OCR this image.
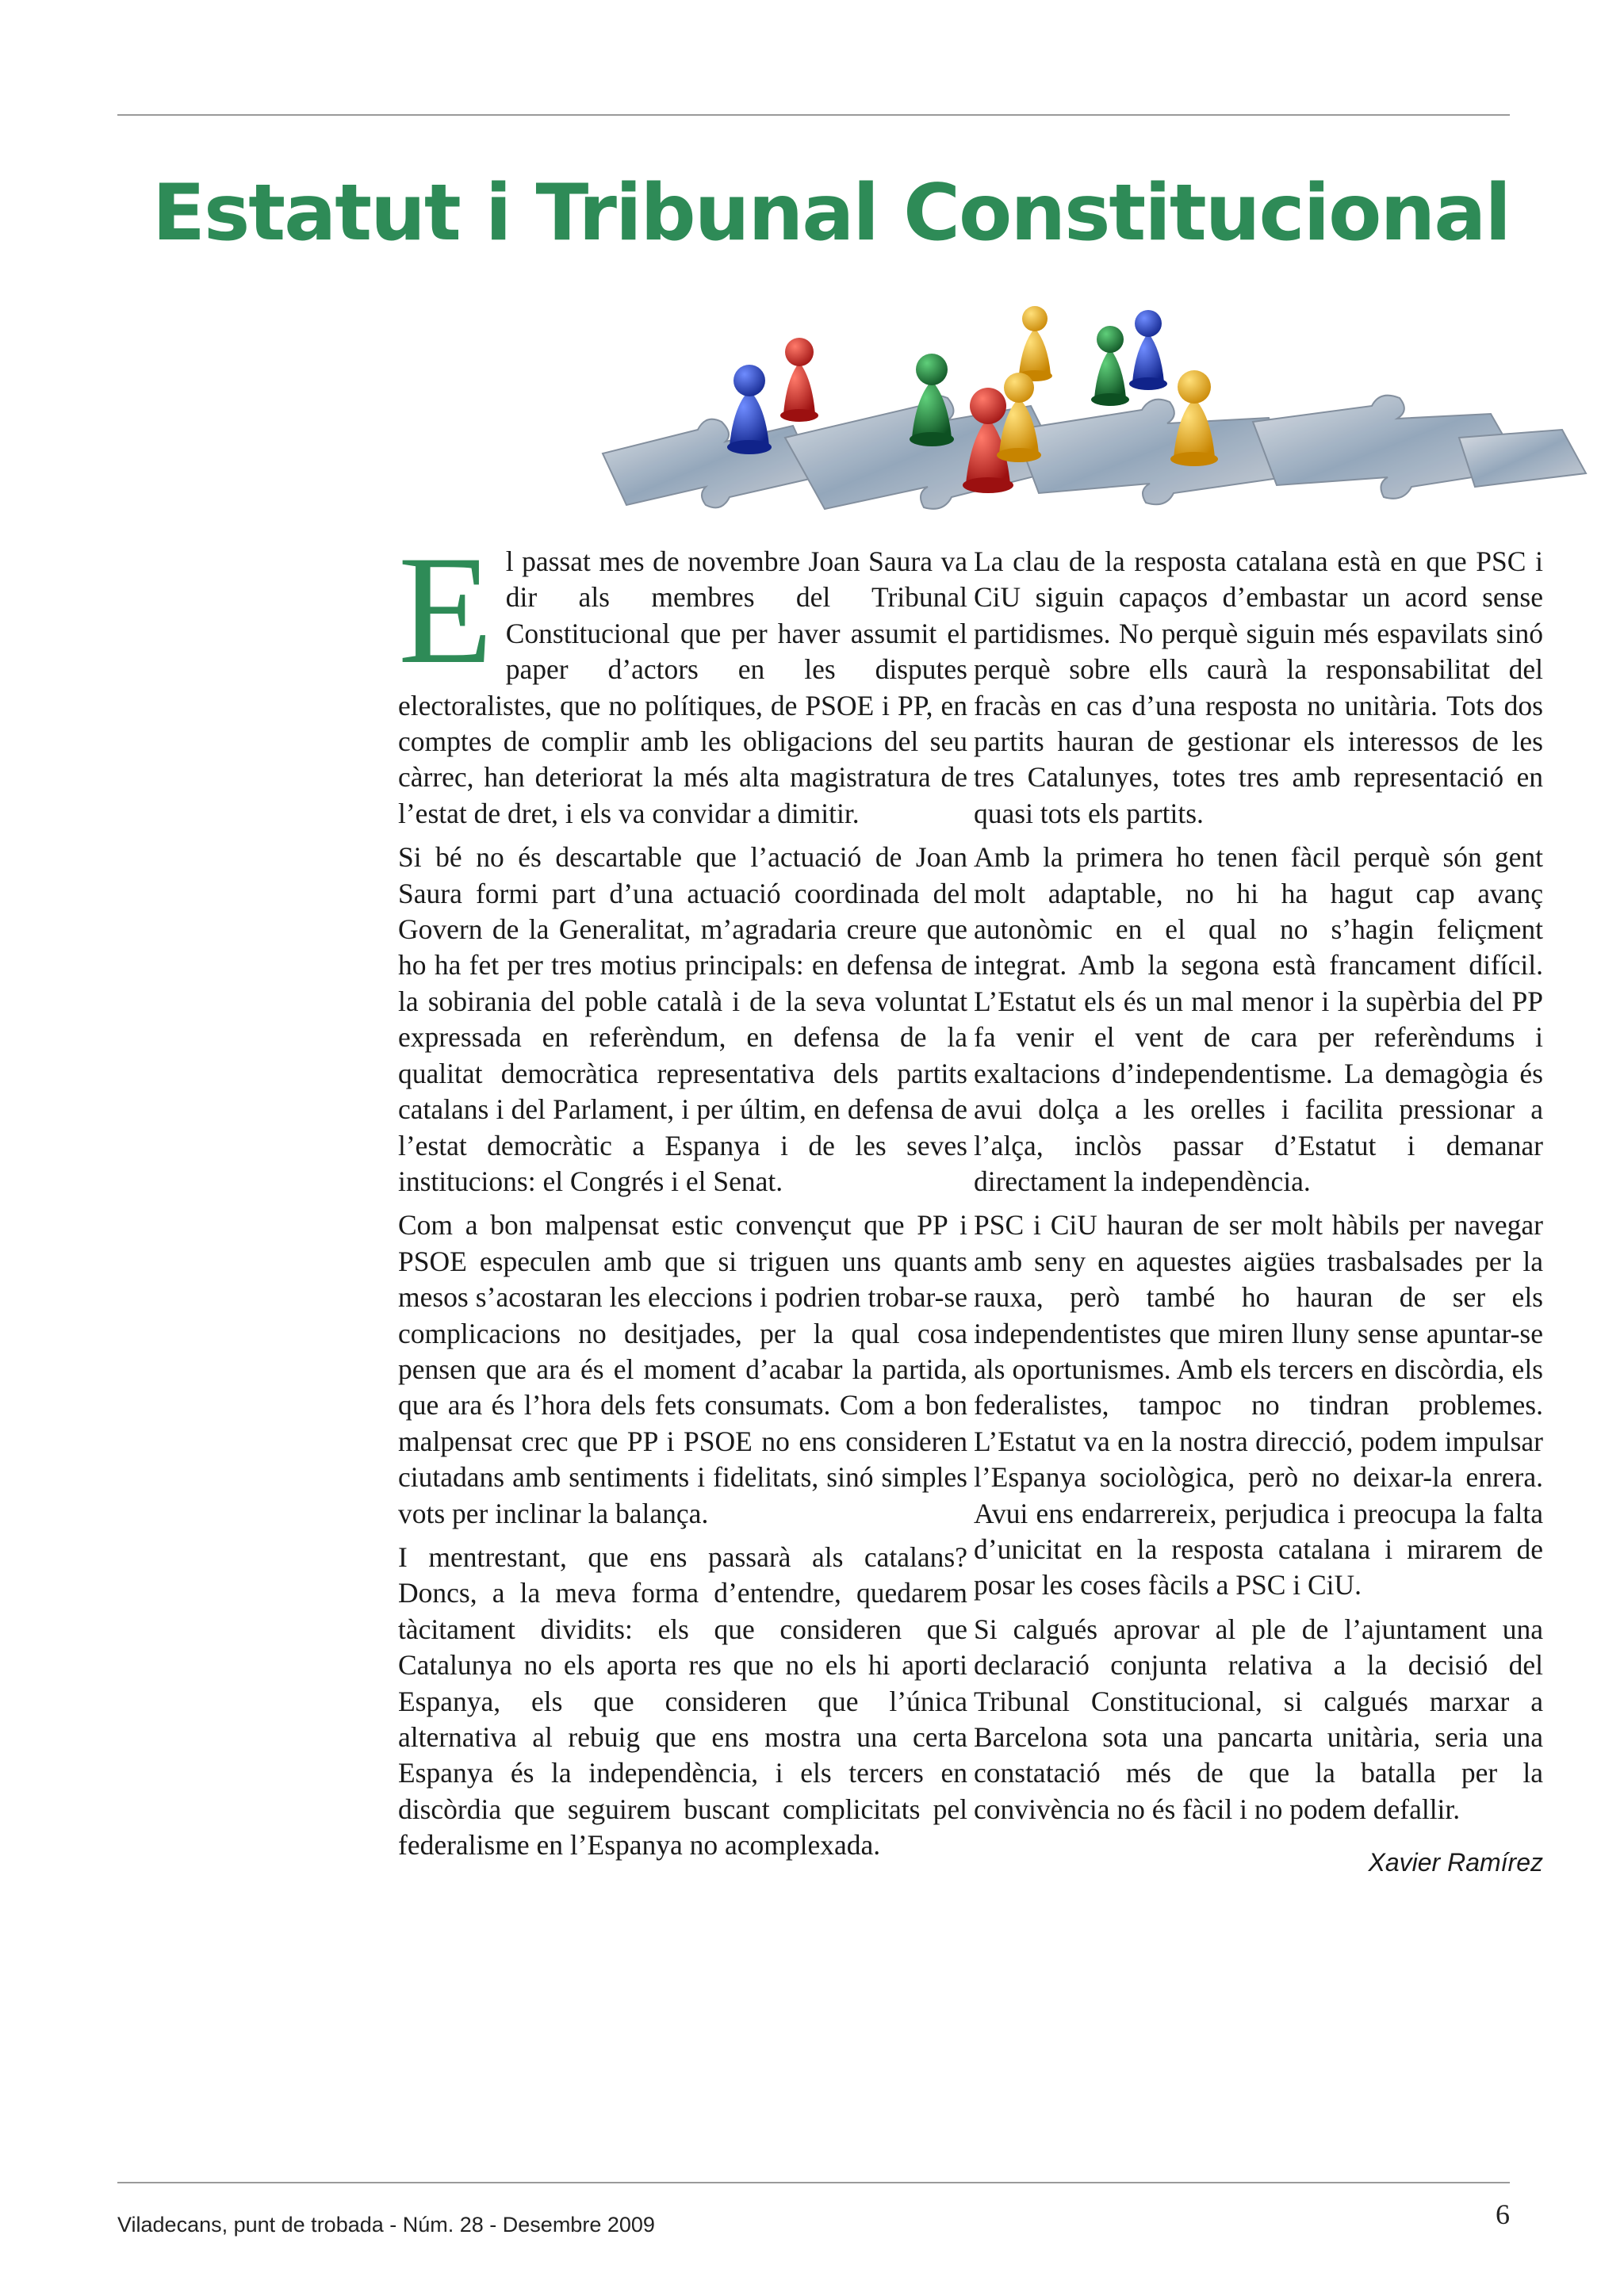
Estatut i Tribunal Constitucional

El passat mes de novembre Joan Saura va dir als membres del Tribunal Constitucional que per haver assumit el paper d’actors en les disputes electoralistes, que no polítiques, de PSOE i PP, en comptes de complir amb les obligacions del seu càrrec, han deteriorat la més alta magistratura de l’estat de dret, i els va convidar a dimitir.

Si bé no és descartable que l’actuació de Joan Saura formi part d’una actuació coordinada del Govern de la Generalitat, m’agradaria creure que ho ha fet per tres motius principals: en defensa de la sobirania del poble català i de la seva voluntat expressada en referèndum, en defensa de la qualitat democràtica representativa dels partits catalans i del Parlament, i per últim, en defensa de l’estat democràtic a Espanya i de les seves institucions: el Congrés i el Senat.

Com a bon malpensat estic convençut que PP i PSOE especulen amb que si triguen uns quants mesos s’acostaran les eleccions i podrien trobar-se complicacions no desitjades, per la qual cosa pensen que ara és el moment d’acabar la partida, que ara és l’hora dels fets consumats. Com a bon malpensat crec que PP i PSOE no ens consideren ciutadans amb sentiments i fidelitats, sinó simples vots per inclinar la balança.

I mentrestant, que ens passarà als catalans? Doncs, a la meva forma d’entendre, quedarem tàcitament dividits: els que consideren que Catalunya no els aporta res que no els hi aporti Espanya, els que consideren que l’única alternativa al rebuig que ens mostra una certa Espanya és la independència, i els tercers en discòrdia que seguirem buscant complicitats pel federalisme en l’Espanya no acomplexada.

La clau de la resposta catalana està en que PSC i CiU siguin capaços d’embastar un acord sense partidismes. No perquè siguin més espavilats sinó perquè sobre ells caurà la responsabilitat del fracàs en cas d’una resposta no unitària. Tots dos partits hauran de gestionar els interessos de les tres Catalunyes, totes tres amb representació en quasi tots els partits.

Amb la primera ho tenen fàcil perquè són gent molt adaptable, no hi ha hagut cap avanç autonòmic en el qual no s’hagin feliçment integrat. Amb la segona està francament difícil. L’Estatut els és un mal menor i la supèrbia del PP fa venir el vent de cara per referèndums i exaltacions d’independentisme. La demagògia és avui dolça a les orelles i facilita pressionar a l’alça, inclòs passar d’Estatut i demanar directament la independència.

PSC i CiU hauran de ser molt hàbils per navegar amb seny en aquestes aigües trasbalsades per la rauxa, però també ho hauran de ser els independentistes que miren lluny sense apuntar-se als oportunismes. Amb els tercers en discòrdia, els federalistes, tampoc no tindran problemes. L’Estatut va en la nostra direcció, podem impulsar l’Espanya sociològica, però no deixar-la enrera. Avui ens endarrereix, perjudica i preocupa la falta d’unicitat en la resposta catalana i mirarem de posar les coses fàcils a PSC i CiU.

Si calgués aprovar al ple de l’ajuntament una declaració conjunta relativa a la decisió del Tribunal Constitucional, si calgués marxar a Barcelona sota una pancarta unitària, seria una constatació més de que la batalla per la convivència no és fàcil i no podem defallir.

Xavier Ramírez
Viladecans, punt de trobada - Núm. 28 - Desembre 2009	6
